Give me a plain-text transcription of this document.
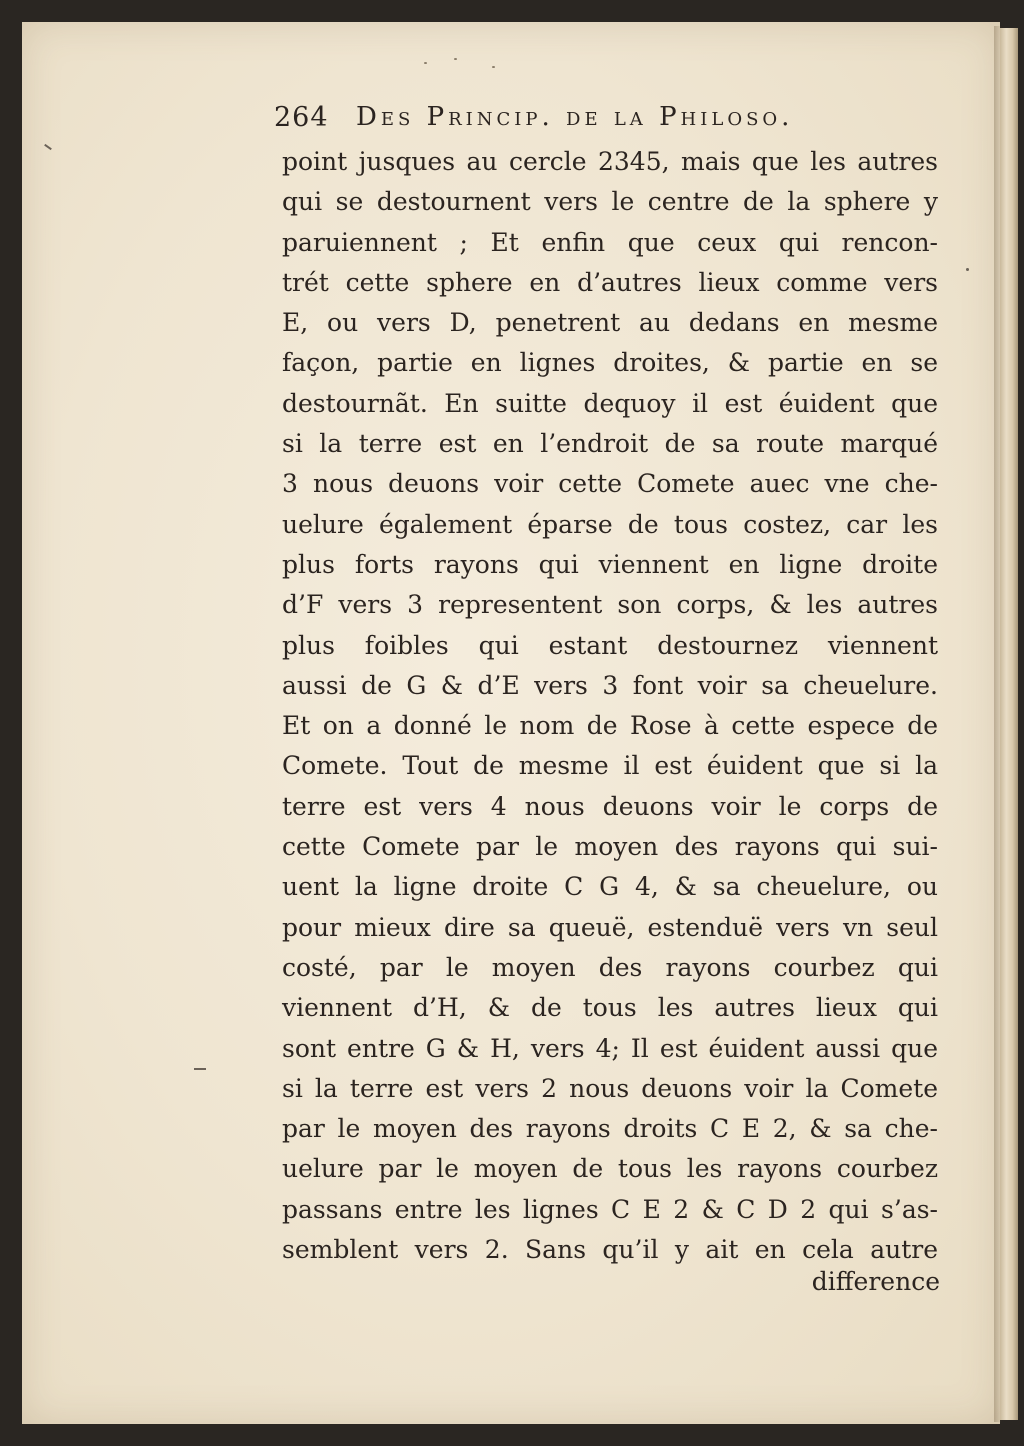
264 Des Princip. de la Philoso.
point jusques au cercle 2345, mais que les autres
qui se destournent vers le centre de la sphere y
paruiennent ; Et enfin que ceux qui rencon-
trét cette sphere en d’autres lieux comme vers
E, ou vers D, penetrent au dedans en mesme
façon, partie en lignes droites, & partie en se
destournãt. En suitte dequoy il est éuident que
si la terre est en l’endroit de sa route marqué
3 nous deuons voir cette Comete auec vne che-
uelure également éparse de tous costez, car les
plus forts rayons qui viennent en ligne droite
d’F vers 3 representent son corps, & les autres
plus foibles qui estant destournez viennent
aussi de G & d’E vers 3 font voir sa cheuelure.
Et on a donné le nom de Rose à cette espece de
Comete. Tout de mesme il est éuident que si la
terre est vers 4 nous deuons voir le corps de
cette Comete par le moyen des rayons qui sui-
uent la ligne droite C G 4, & sa cheuelure, ou
pour mieux dire sa queuë, estenduë vers vn seul
costé, par le moyen des rayons courbez qui
viennent d’H, & de tous les autres lieux qui
sont entre G & H, vers 4; Il est éuident aussi que
si la terre est vers 2 nous deuons voir la Comete
par le moyen des rayons droits C E 2, & sa che-
uelure par le moyen de tous les rayons courbez
passans entre les lignes C E 2 & C D 2 qui s’as-
semblent vers 2. Sans qu’il y ait en cela autre
difference
